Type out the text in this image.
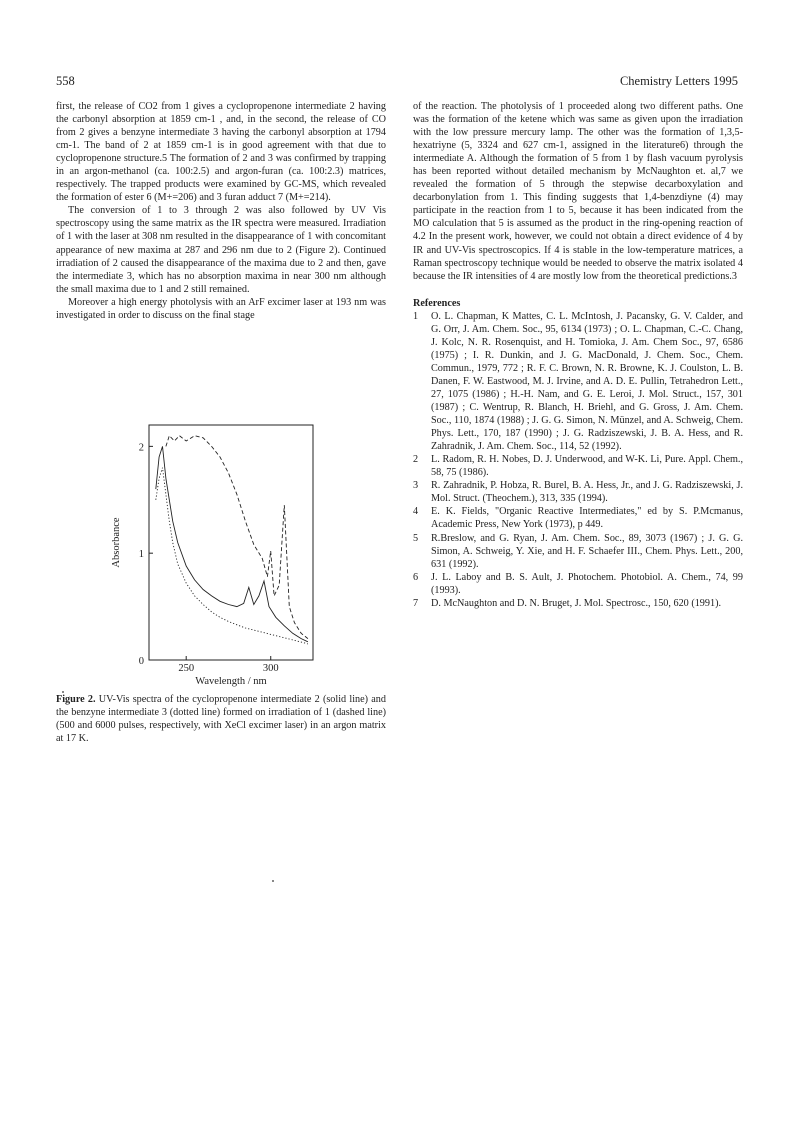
558	Chemistry Letters 1995

first, the release of CO2 from 1 gives a cyclopropenone intermediate 2 having the carbonyl absorption at 1859 cm-1 , and, in the second, the release of CO from 2 gives a benzyne intermediate 3 having the carbonyl absorption at 1794 cm-1. The band of 2 at 1859 cm-1 is in good agreement with that due to cyclopropenone structure.5 The formation of 2 and 3 was confirmed by trapping in an argon-methanol (ca. 100:2.5) and argon-furan (ca. 100:2.3) matrices, respectively. The trapped products were examined by GC-MS, which revealed the formation of ester 6 (M+=206) and 3 furan adduct 7 (M+=214).

The conversion of 1 to 3 through 2 was also followed by UV Vis spectroscopy using the same matrix as the IR spectra were measured. Irradiation of 1 with the laser at 308 nm resulted in the disappearance of 1 with concomitant appearance of new maxima at 287 and 296 nm due to 2 (Figure 2). Continued irradiation of 2 caused the disappearance of the maxima due to 2 and then, gave the intermediate 3, which has no absorption maxima in near 300 nm although the small maxima due to 1 and 2 still remained.

Moreover a high energy photolysis with an ArF excimer laser at 193 nm was investigated in order to discuss on the final stage

250	300
0
1
2
Wavelength / nm
Absorbance
Figure 2. UV-Vis spectra of the cyclopropenone intermediate 2 (solid line) and the benzyne intermediate 3 (dotted line) formed on irradiation of 1 (dashed line) (500 and 6000 pulses, respectively, with XeCl excimer laser) in an argon matrix at 17 K.

of the reaction. The photolysis of 1 proceeded along two different paths. One was the formation of the ketene which was same as given upon the irradiation with the low pressure mercury lamp. The other was the formation of 1,3,5-hexatriyne (5, 3324 and 627 cm-1, assigned in the literature6) through the intermediate A. Although the formation of 5 from 1 by flash vacuum pyrolysis has been reported without detailed mechanism by McNaughton et. al,7 we revealed the formation of 5 through the stepwise decarboxylation and decarbonylation from 1. This finding suggests that 1,4-benzdiyne (4) may participate in the reaction from 1 to 5, because it has been indicated from the MO calculation that 5 is assumed as the product in the ring-opening reaction of 4.2 In the present work, however, we could not obtain a direct evidence of 4 by IR and UV-Vis spectroscopics. If 4 is stable in the low-temperature matrices, a Raman spectroscopy technique would be needed to observe the matrix isolated 4 because the IR intensities of 4 are mostly low from the theoretical predictions.3

References

1 O. L. Chapman, K Mattes, C. L. McIntosh, J. Pacansky, G. V. Calder, and G. Orr, J. Am. Chem. Soc., 95, 6134 (1973) ; O. L. Chapman, C.-C. Chang, J. Kolc, N. R. Rosenquist, and H. Tomioka, J. Am. Chem Soc., 97, 6586 (1975) ; I. R. Dunkin, and J. G. MacDonald, J. Chem. Soc., Chem. Commun., 1979, 772 ; R. F. C. Brown, N. R. Browne, K. J. Coulston, L. B. Danen, F. W. Eastwood, M. J. Irvine, and A. D. E. Pullin, Tetrahedron Lett., 27, 1075 (1986) ; H.-H. Nam, and G. E. Leroi, J. Mol. Struct., 157, 301 (1987) ; C. Wentrup, R. Blanch, H. Briehl, and G. Gross, J. Am. Chem. Soc., 110, 1874 (1988) ; J. G. G. Simon, N. Münzel, and A. Schweig, Chem. Phys. Lett., 170, 187 (1990) ; J. G. Radziszewski, J. B. A. Hess, and R. Zahradnik, J. Am. Chem. Soc., 114, 52 (1992).

2 L. Radom, R. H. Nobes, D. J. Underwood, and W-K. Li, Pure. Appl. Chem., 58, 75 (1986).

3 R. Zahradnik, P. Hobza, R. Burel, B. A. Hess, Jr., and J. G. Radziszewski, J. Mol. Struct. (Theochem.), 313, 335 (1994).

4 E. K. Fields, "Organic Reactive Intermediates," ed by S. P.Mcmanus, Academic Press, New York (1973), p 449.

5 R.Breslow, and G. Ryan, J. Am. Chem. Soc., 89, 3073 (1967) ; J. G. G. Simon, A. Schweig, Y. Xie, and H. F. Schaefer III., Chem. Phys. Lett., 200, 631 (1992).

6 J. L. Laboy and B. S. Ault, J. Photochem. Photobiol. A. Chem., 74, 99 (1993).

7 D. McNaughton and D. N. Bruget, J. Mol. Spectrosc., 150, 620 (1991).
